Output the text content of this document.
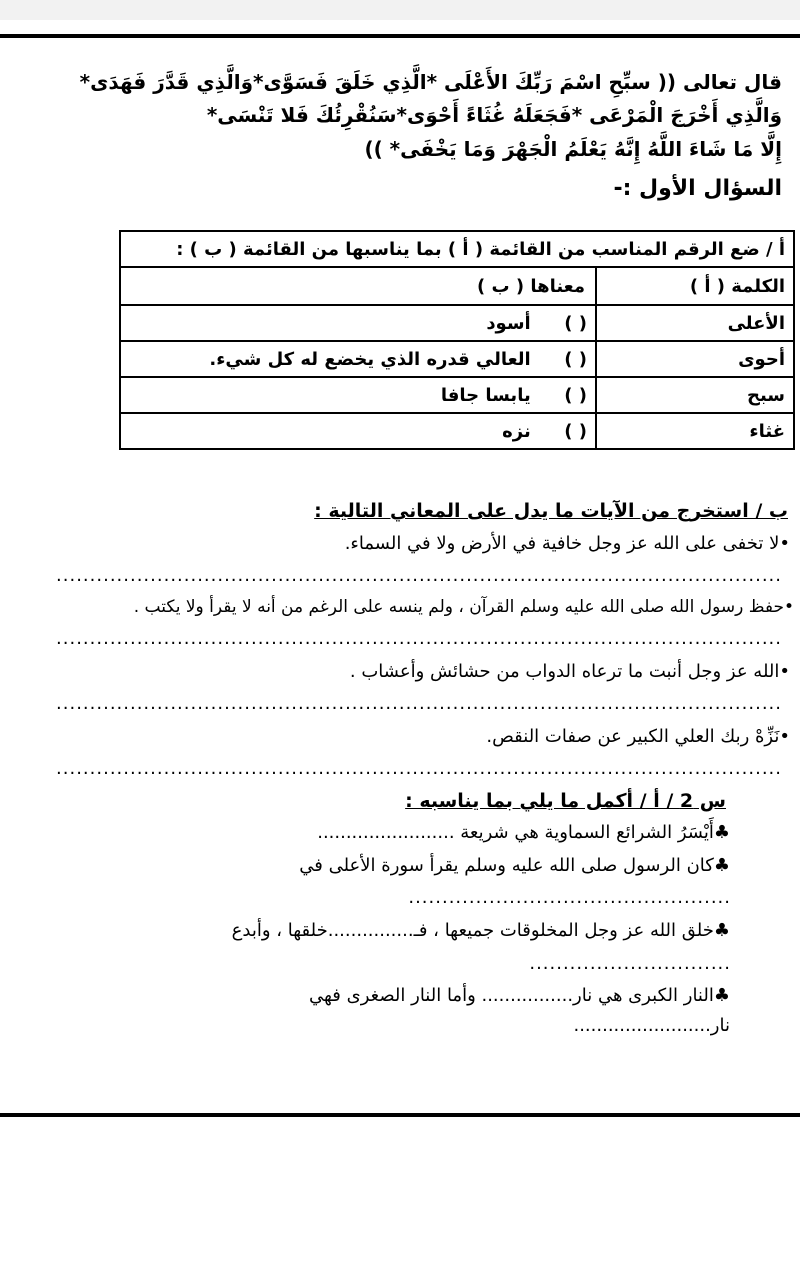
قال تعالى (( سبِّحِ اسْمَ رَبِّكَ الأَعْلَى *الَّذِي خَلَقَ فَسَوَّى*وَالَّذِي قَدَّرَ فَهَدَى*
وَالَّذِي أَخْرَجَ الْمَرْعَى *فَجَعَلَهُ غُثَاءً أَحْوَى*سَنُقْرِئُكَ فَلا تَنْسَى*
إِلَّا مَا شَاءَ اللَّهُ إِنَّهُ يَعْلَمُ الْجَهْرَ وَمَا يَخْفَى* ))
السؤال الأول :-
أ / ضع الرقم المناسب من القائمة ( أ ) بما يناسبها من القائمة ( ب ) :	
الكلمة ( أ )	معناها ( ب )
الأعلى	( ) أسود
أحوى	( ) العالي قدره الذي يخضع له كل شيء.
سبح	( ) يابسا جافا
غثاء	( ) نزه
ب / استخرج من الآيات ما يدل على المعاني التالية :
•لا تخفى على الله عز وجل خافية في الأرض ولا في السماء.
............................................................................................................
•حفظ رسول الله صلى الله عليه وسلم القرآن ، ولم ينسه على الرغم من أنه لا يقرأ ولا يكتب .
............................................................................................................
•الله عز وجل أنبت ما ترعاه الدواب من حشائش وأعشاب .
............................................................................................................
•نَزِّهْ ربك العلي الكبير عن صفات النقص.
............................................................................................................
س 2 / أ / أكمل ما يلي بما يناسبه :
♣أَيْسَرُ الشرائع السماوية هي شريعة ........................
♣كان الرسول صلى الله عليه وسلم يقرأ سورة الأعلى في
................................................
♣خلق الله عز وجل المخلوقات جميعها ، فـ...............خلقها ، وأبدع
..............................
♣النار الكبرى هي نار................ وأما النار الصغرى فهي
نار........................
